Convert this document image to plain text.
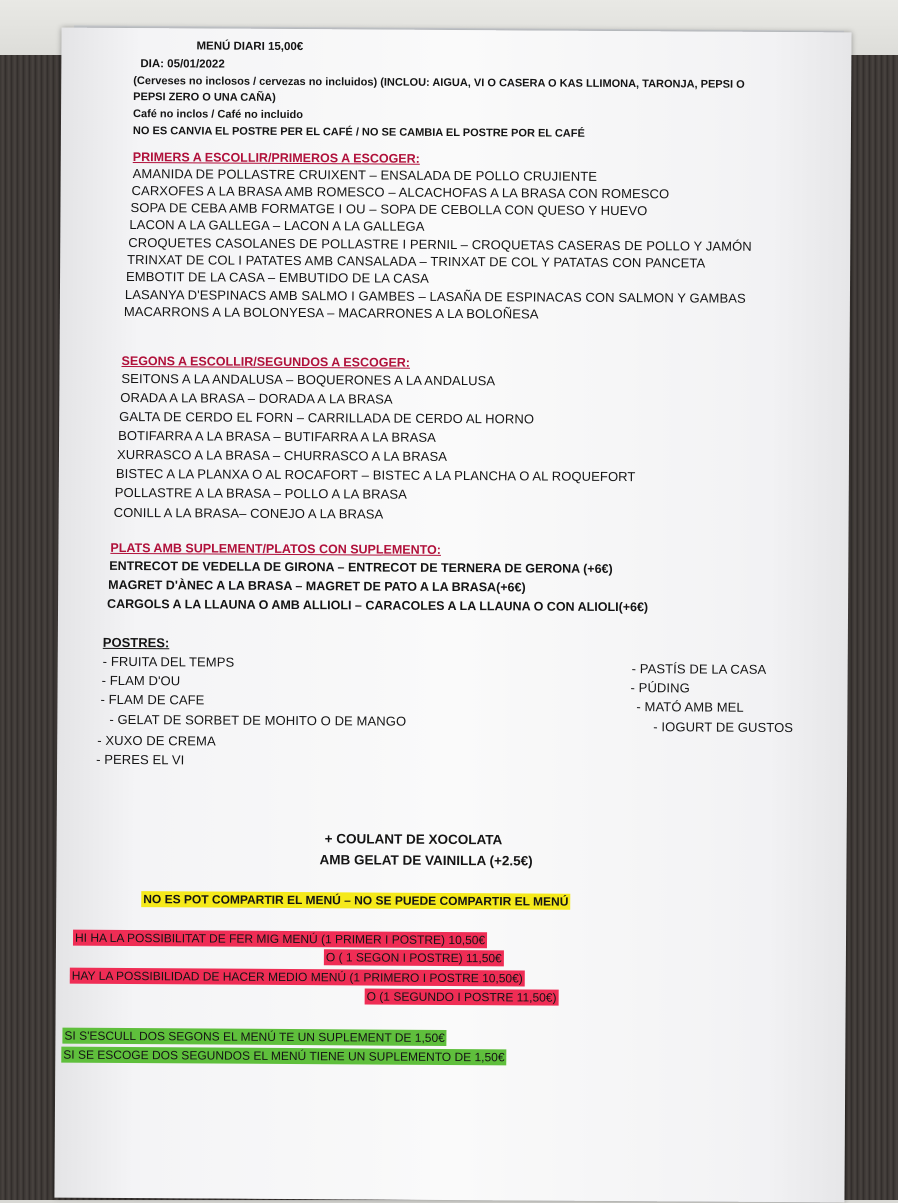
MENÚ DIARI 15,00€
DIA: 05/01/2022
(Cerveses no inclosos / cervezas no incluidos) (INCLOU: AIGUA, VI O CASERA O KAS LLIMONA, TARONJA, PEPSI O
PEPSI ZERO O UNA CAÑA)
Café no inclos / Café no incluido
NO ES CANVIA EL POSTRE PER EL CAFÉ / NO SE CAMBIA EL POSTRE POR EL CAFÉ
PRIMERS A ESCOLLIR/PRIMEROS A ESCOGER:
AMANIDA DE POLLASTRE CRUIXENT – ENSALADA DE POLLO CRUJIENTE
CARXOFES A LA BRASA AMB ROMESCO – ALCACHOFAS A LA BRASA CON ROMESCO
SOPA DE CEBA AMB FORMATGE I OU – SOPA DE CEBOLLA CON QUESO Y HUEVO
LACON A LA GALLEGA – LACON A LA GALLEGA
CROQUETES CASOLANES DE POLLASTRE I PERNIL – CROQUETAS CASERAS DE POLLO Y JAMÓN
TRINXAT DE COL I PATATES AMB CANSALADA – TRINXAT DE COL Y PATATAS CON PANCETA
EMBOTIT DE LA CASA – EMBUTIDO DE LA CASA
LASANYA D'ESPINACS AMB SALMO I GAMBES – LASAÑA DE ESPINACAS CON SALMON Y GAMBAS
MACARRONS A LA BOLONYESA – MACARRONES A LA BOLOÑESA
SEGONS A ESCOLLIR/SEGUNDOS A ESCOGER:
SEITONS A LA ANDALUSA – BOQUERONES A LA ANDALUSA
ORADA A LA BRASA – DORADA A LA BRASA
GALTA DE CERDO EL FORN – CARRILLADA DE CERDO AL HORNO
BOTIFARRA A LA BRASA – BUTIFARRA A LA BRASA
XURRASCO A LA BRASA – CHURRASCO A LA BRASA
BISTEC A LA PLANXA O AL ROCAFORT – BISTEC A LA PLANCHA O AL ROQUEFORT
POLLASTRE A LA BRASA – POLLO A LA BRASA
CONILL A LA BRASA– CONEJO A LA BRASA
PLATS AMB SUPLEMENT/PLATOS CON SUPLEMENTO:
ENTRECOT DE VEDELLA DE GIRONA – ENTRECOT DE TERNERA DE GERONA (+6€)
MAGRET D'ÀNEC A LA BRASA – MAGRET DE PATO A LA BRASA(+6€)
CARGOLS A LA LLAUNA O AMB ALLIOLI – CARACOLES A LA LLAUNA O CON ALIOLI(+6€)
POSTRES:
- FRUITA DEL TEMPS
- FLAM D'OU
- FLAM DE CAFE
- GELAT DE SORBET DE MOHITO O DE MANGO
- XUXO DE CREMA
- PERES EL VI
- PASTÍS DE LA CASA
- PÚDING
- MATÓ AMB MEL
- IOGURT DE GUSTOS
+ COULANT DE XOCOLATA
AMB GELAT DE VAINILLA (+2.5€)
NO ES POT COMPARTIR EL MENÚ – NO SE PUEDE COMPARTIR EL MENÚ
HI HA LA POSSIBILITAT DE FER MIG MENÚ (1 PRIMER I POSTRE) 10,50€
O ( 1 SEGON I POSTRE) 11,50€
HAY LA POSSIBILIDAD DE HACER MEDIO MENÚ (1 PRIMERO I POSTRE 10,50€)
O (1 SEGUNDO I POSTRE 11,50€)
SI S'ESCULL DOS SEGONS EL MENÚ TE UN SUPLEMENT DE 1,50€
SI SE ESCOGE DOS SEGUNDOS EL MENÚ TIENE UN SUPLEMENTO DE 1,50€
